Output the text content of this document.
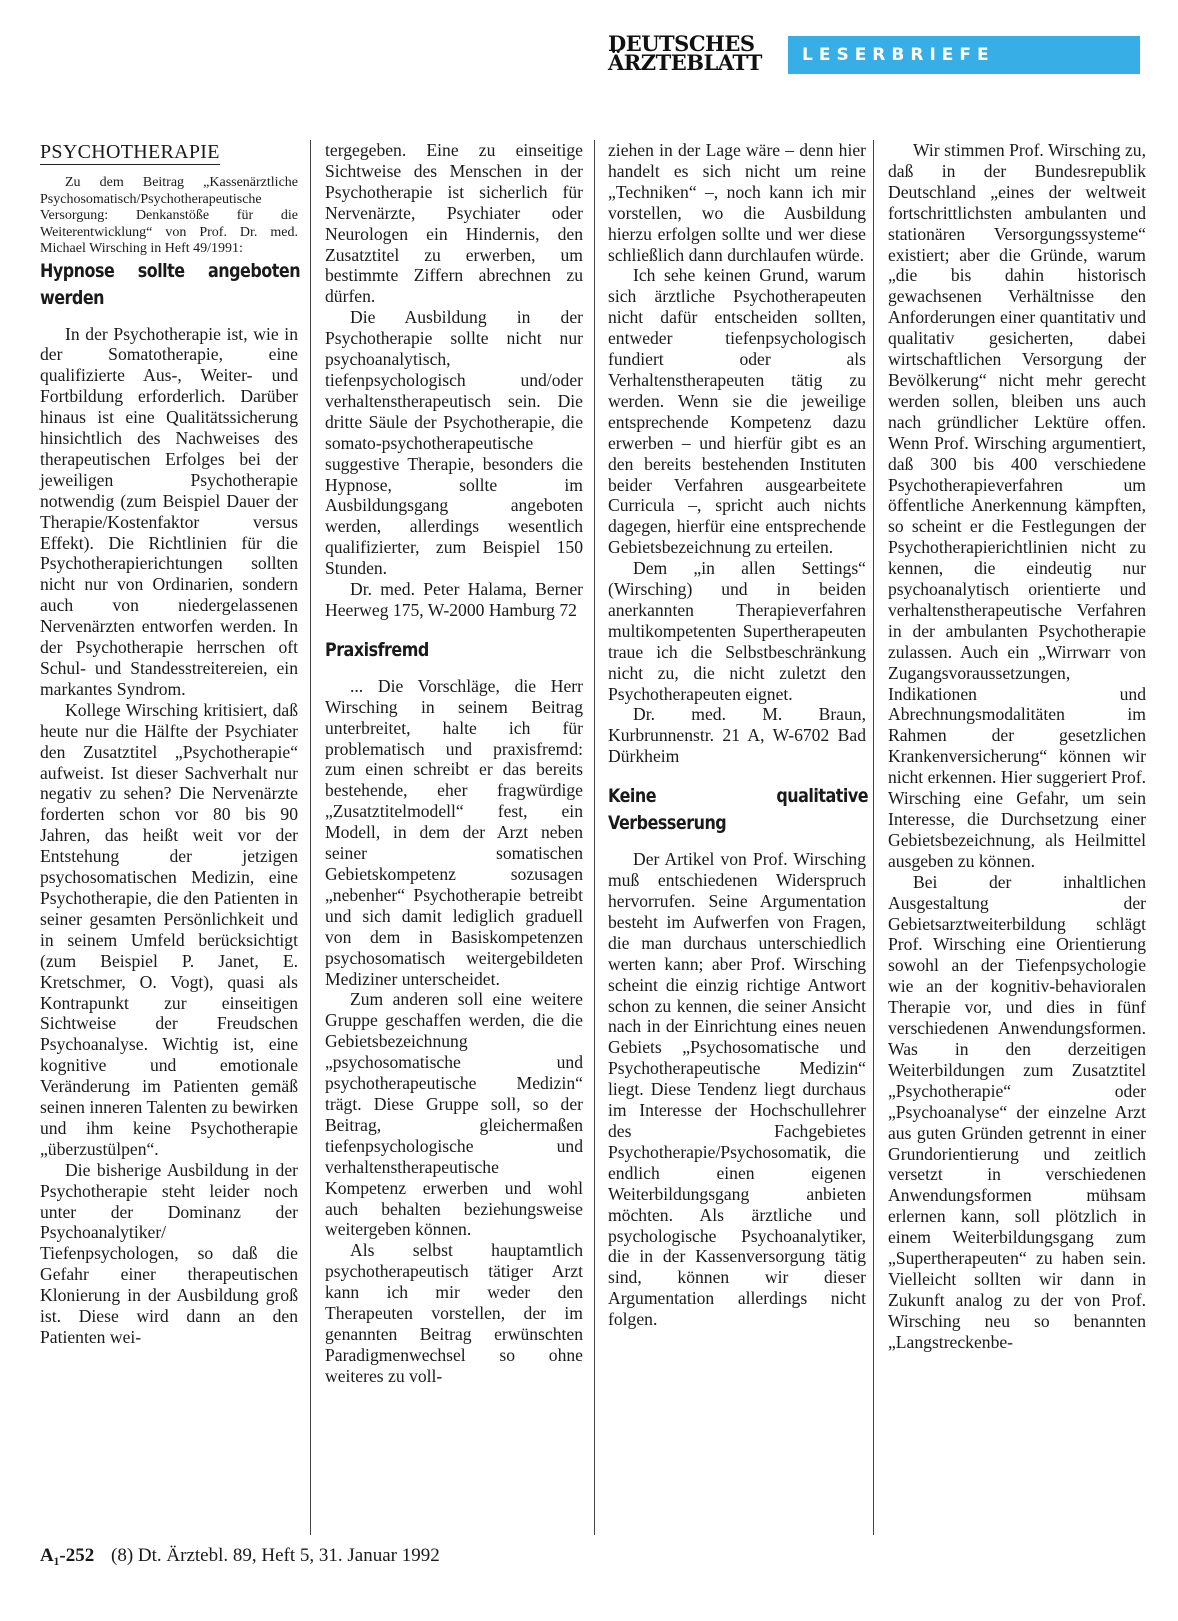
DEUTSCHES
ÄRZTEBLATT	LESERBRIEFE
PSYCHOTHERAPIE

Zu dem Beitrag „Kassenärztliche Psychosomatisch/Psychotherapeutische Versorgung: Denkanstöße für die Weiterentwicklung“ von Prof. Dr. med. Michael Wirsching in Heft 49/1991:

Hypnose sollte angeboten werden

In der Psychotherapie ist, wie in der Somatotherapie, eine qualifizierte Aus-, Weiter- und Fortbildung erforderlich. Darüber hinaus ist eine Qualitätssicherung hinsichtlich des Nachweises des therapeutischen Erfolges bei der jeweiligen Psychotherapie notwendig (zum Beispiel Dauer der Therapie/Kostenfaktor versus Effekt). Die Richtlinien für die Psychotherapierichtungen sollten nicht nur von Ordinarien, sondern auch von niedergelassenen Nervenärzten entworfen werden. In der Psychotherapie herrschen oft Schul- und Standesstreitereien, ein markantes Syndrom.

Kollege Wirsching kritisiert, daß heute nur die Hälfte der Psychiater den Zusatztitel „Psychotherapie“ aufweist. Ist dieser Sachverhalt nur negativ zu sehen? Die Nervenärzte forderten schon vor 80 bis 90 Jahren, das heißt weit vor der Entstehung der jetzigen psychosomatischen Medizin, eine Psychotherapie, die den Patienten in seiner gesamten Persönlichkeit und in seinem Umfeld berücksichtigt (zum Beispiel P. Janet, E. Kretschmer, O. Vogt), quasi als Kontrapunkt zur einseitigen Sichtweise der Freudschen Psychoanalyse. Wichtig ist, eine kognitive und emotionale Veränderung im Patienten gemäß seinen inneren Talenten zu bewirken und ihm keine Psychotherapie „überzustülpen“.

Die bisherige Ausbildung in der Psychotherapie steht leider noch unter der Dominanz der Psychoanalytiker/ Tiefenpsychologen, so daß die Gefahr einer therapeutischen Klonierung in der Ausbildung groß ist. Diese wird dann an den Patienten wei-

tergegeben. Eine zu einseitige Sichtweise des Menschen in der Psychotherapie ist sicherlich für Nervenärzte, Psychiater oder Neurologen ein Hindernis, den Zusatztitel zu erwerben, um bestimmte Ziffern abrechnen zu dürfen.

Die Ausbildung in der Psychotherapie sollte nicht nur psychoanalytisch, tiefenpsychologisch und/oder verhaltenstherapeutisch sein. Die dritte Säule der Psychotherapie, die somato-psychotherapeutische suggestive Therapie, besonders die Hypnose, sollte im Ausbildungsgang angeboten werden, allerdings wesentlich qualifizierter, zum Beispiel 150 Stunden.

Dr. med. Peter Halama, Berner Heerweg 175, W-2000 Hamburg 72

Praxisfremd

... Die Vorschläge, die Herr Wirsching in seinem Beitrag unterbreitet, halte ich für problematisch und praxisfremd: zum einen schreibt er das bereits bestehende, eher fragwürdige „Zusatztitelmodell“ fest, ein Modell, in dem der Arzt neben seiner somatischen Gebietskompetenz sozusagen „nebenher“ Psychotherapie betreibt und sich damit lediglich graduell von dem in Basiskompetenzen psychosomatisch weitergebildeten Mediziner unterscheidet.

Zum anderen soll eine weitere Gruppe geschaffen werden, die die Gebietsbezeichnung „psychosomatische und psychotherapeutische Medizin“ trägt. Diese Gruppe soll, so der Beitrag, gleichermaßen tiefenpsychologische und verhaltenstherapeutische Kompetenz erwerben und wohl auch behalten beziehungsweise weitergeben können.

Als selbst hauptamtlich psychotherapeutisch tätiger Arzt kann ich mir weder den Therapeuten vorstellen, der im genannten Beitrag erwünschten Paradigmenwechsel so ohne weiteres zu voll-

ziehen in der Lage wäre – denn hier handelt es sich nicht um reine „Techniken“ –, noch kann ich mir vorstellen, wo die Ausbildung hierzu erfolgen sollte und wer diese schließlich dann durchlaufen würde.

Ich sehe keinen Grund, warum sich ärztliche Psychotherapeuten nicht dafür entscheiden sollten, entweder tiefenpsychologisch fundiert oder als Verhaltenstherapeuten tätig zu werden. Wenn sie die jeweilige entsprechende Kompetenz dazu erwerben – und hierfür gibt es an den bereits bestehenden Instituten beider Verfahren ausgearbeitete Curricula –, spricht auch nichts dagegen, hierfür eine entsprechende Gebietsbezeichnung zu erteilen.

Dem „in allen Settings“ (Wirsching) und in beiden anerkannten Therapieverfahren multikompetenten Supertherapeuten traue ich die Selbstbeschränkung nicht zu, die nicht zuletzt den Psychotherapeuten eignet.

Dr. med. M. Braun, Kurbrunnenstr. 21 A, W-6702 Bad Dürkheim

Keine qualitative Verbesserung

Der Artikel von Prof. Wirsching muß entschiedenen Widerspruch hervorrufen. Seine Argumentation besteht im Aufwerfen von Fragen, die man durchaus unterschiedlich werten kann; aber Prof. Wirsching scheint die einzig richtige Antwort schon zu kennen, die seiner Ansicht nach in der Einrichtung eines neuen Gebiets „Psychosomatische und Psychotherapeutische Medizin“ liegt. Diese Tendenz liegt durchaus im Interesse der Hochschullehrer des Fachgebietes Psychotherapie/Psychosomatik, die endlich einen eigenen Weiterbildungsgang anbieten möchten. Als ärztliche und psychologische Psychoanalytiker, die in der Kassenversorgung tätig sind, können wir dieser Argumentation allerdings nicht folgen.

Wir stimmen Prof. Wirsching zu, daß in der Bundesrepublik Deutschland „eines der weltweit fortschrittlichsten ambulanten und stationären Versorgungssysteme“ existiert; aber die Gründe, warum „die bis dahin historisch gewachsenen Verhältnisse den Anforderungen einer quantitativ und qualitativ gesicherten, dabei wirtschaftlichen Versorgung der Bevölkerung“ nicht mehr gerecht werden sollen, bleiben uns auch nach gründlicher Lektüre offen. Wenn Prof. Wirsching argumentiert, daß 300 bis 400 verschiedene Psychotherapieverfahren um öffentliche Anerkennung kämpften, so scheint er die Festlegungen der Psychotherapierichtlinien nicht zu kennen, die eindeutig nur psychoanalytisch orientierte und verhaltenstherapeutische Verfahren in der ambulanten Psychotherapie zulassen. Auch ein „Wirrwarr von Zugangsvoraussetzungen, Indikationen und Abrechnungsmodalitäten im Rahmen der gesetzlichen Krankenversicherung“ können wir nicht erkennen. Hier suggeriert Prof. Wirsching eine Gefahr, um sein Interesse, die Durchsetzung einer Gebietsbezeichnung, als Heilmittel ausgeben zu können.

Bei der inhaltlichen Ausgestaltung der Gebietsarztweiterbildung schlägt Prof. Wirsching eine Orientierung sowohl an der Tiefenpsychologie wie an der kognitiv-behavioralen Therapie vor, und dies in fünf verschiedenen Anwendungsformen. Was in den derzeitigen Weiterbildungen zum Zusatztitel „Psychotherapie“ oder „Psychoanalyse“ der einzelne Arzt aus guten Gründen getrennt in einer Grundorientierung und zeitlich versetzt in verschiedenen Anwendungsformen mühsam erlernen kann, soll plötzlich in einem Weiterbildungsgang zum „Supertherapeuten“ zu haben sein. Vielleicht sollten wir dann in Zukunft analog zu der von Prof. Wirsching neu so benannten „Langstreckenbe-

A₁-252 (8) Dt. Ärztebl. 89, Heft 5, 31. Januar 1992
